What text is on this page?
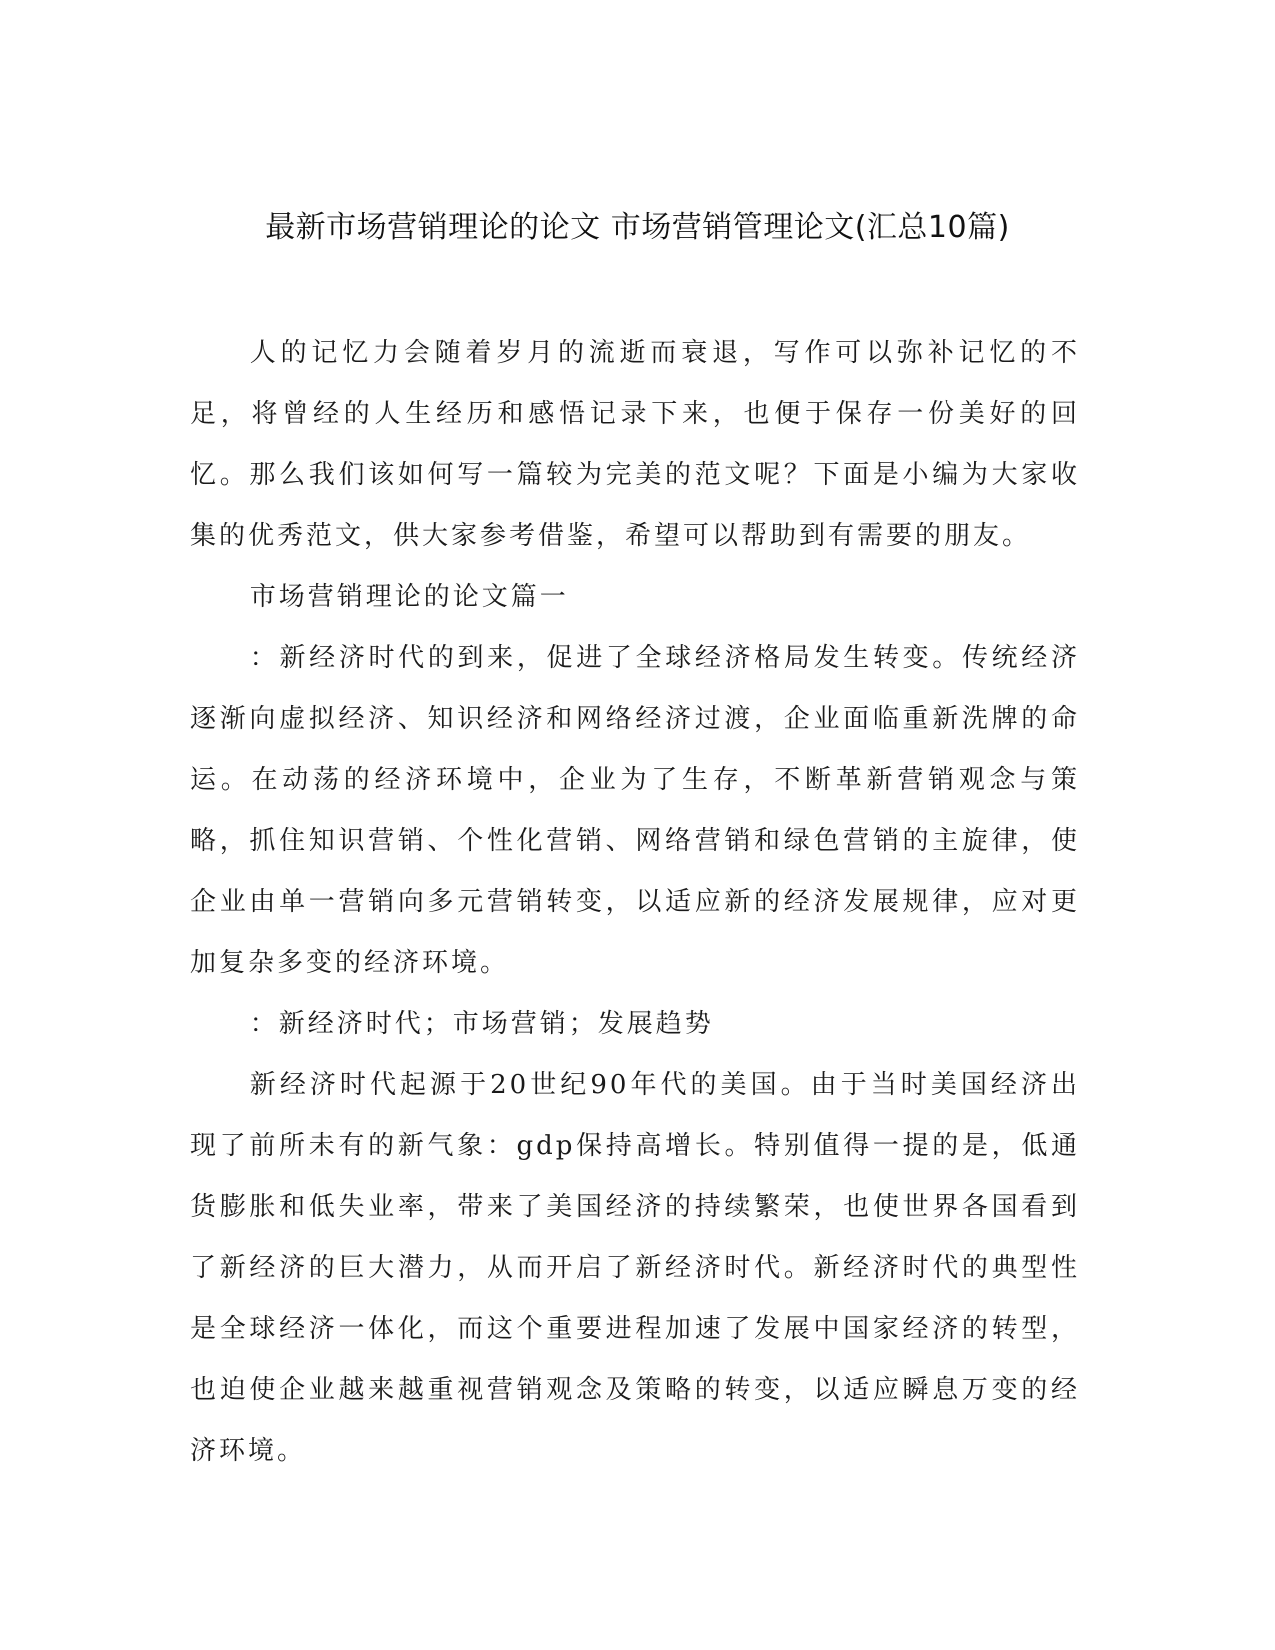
最新市场营销理论的论文 市场营销管理论文(汇总10篇)

人的记忆力会随着岁月的流逝而衰退，写作可以弥补记忆的不足，将曾经的人生经历和感悟记录下来，也便于保存一份美好的回忆。那么我们该如何写一篇较为完美的范文呢？下面是小编为大家收集的优秀范文，供大家参考借鉴，希望可以帮助到有需要的朋友。

市场营销理论的论文篇一

：新经济时代的到来，促进了全球经济格局发生转变。传统经济逐渐向虚拟经济、知识经济和网络经济过渡，企业面临重新洗牌的命运。在动荡的经济环境中，企业为了生存，不断革新营销观念与策略，抓住知识营销、个性化营销、网络营销和绿色营销的主旋律，使企业由单一营销向多元营销转变，以适应新的经济发展规律，应对更加复杂多变的经济环境。

：新经济时代；市场营销；发展趋势

新经济时代起源于20世纪90年代的美国。由于当时美国经济出现了前所未有的新气象：gdp保持高增长。特别值得一提的是，低通货膨胀和低失业率，带来了美国经济的持续繁荣，也使世界各国看到了新经济的巨大潜力，从而开启了新经济时代。新经济时代的典型性是全球经济一体化，而这个重要进程加速了发展中国家经济的转型，也迫使企业越来越重视营销观念及策略的转变，以适应瞬息万变的经济环境。
